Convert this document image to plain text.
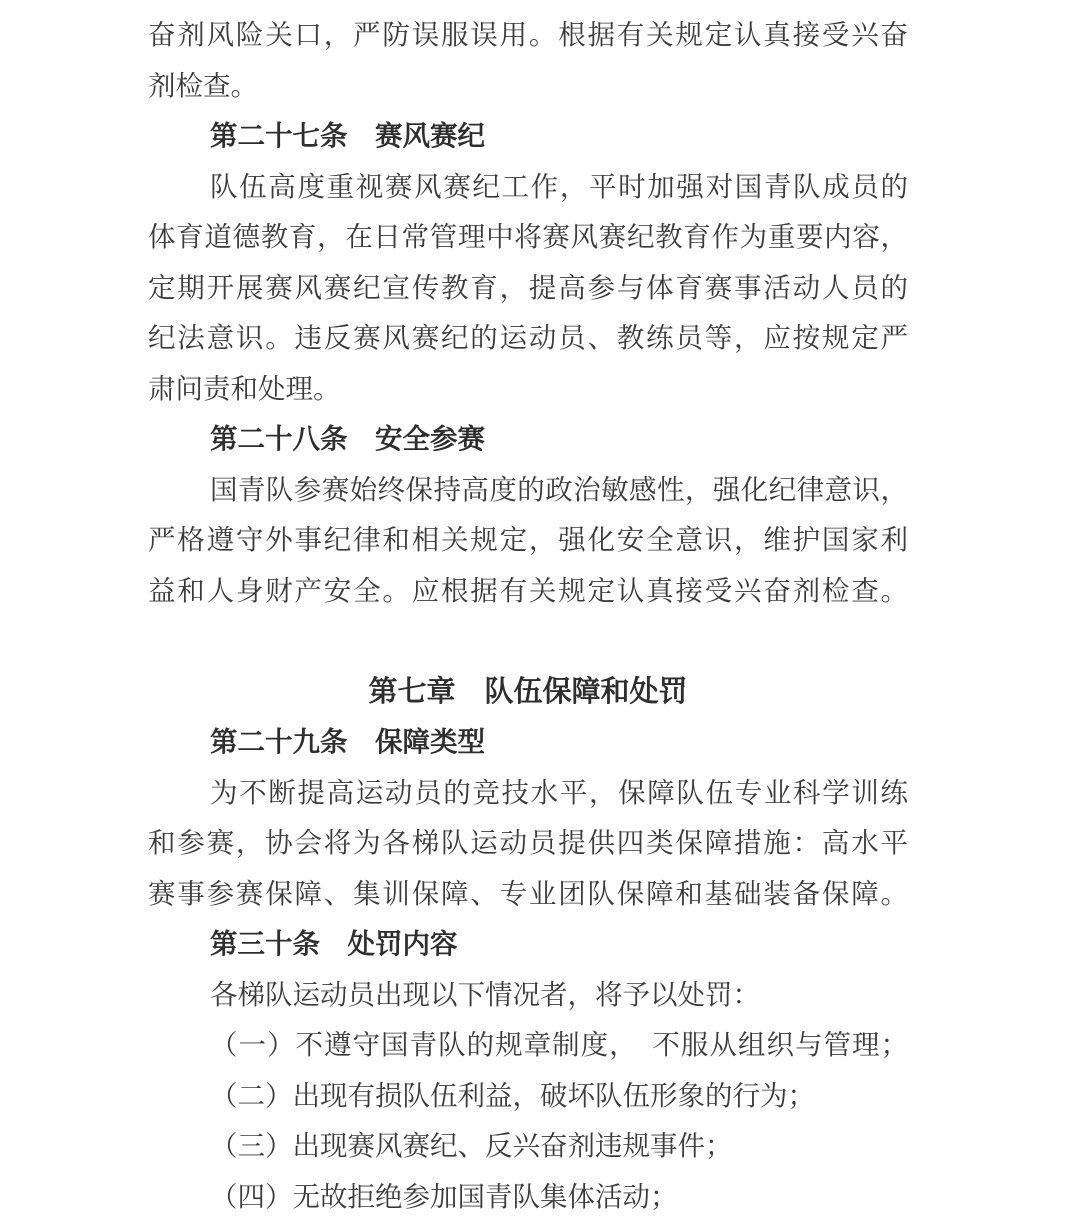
奋剂风险关口，严防误服误用。根据有关规定认真接受兴奋
剂检查。
第二十七条　赛风赛纪
队伍高度重视赛风赛纪工作，平时加强对国青队成员的
体育道德教育，在日常管理中将赛风赛纪教育作为重要内容，
定期开展赛风赛纪宣传教育，提高参与体育赛事活动人员的
纪法意识。违反赛风赛纪的运动员、教练员等，应按规定严
肃问责和处理。
第二十八条　安全参赛
国青队参赛始终保持高度的政治敏感性，强化纪律意识，
严格遵守外事纪律和相关规定，强化安全意识，维护国家利
益和人身财产安全。应根据有关规定认真接受兴奋剂检查。
第七章　队伍保障和处罚
第二十九条　保障类型
为不断提高运动员的竞技水平，保障队伍专业科学训练
和参赛，协会将为各梯队运动员提供四类保障措施：高水平
赛事参赛保障、集训保障、专业团队保障和基础装备保障。
第三十条　处罚内容
各梯队运动员出现以下情况者，将予以处罚：
（一）不遵守国青队的规章制度，　不服从组织与管理；
（二）出现有损队伍利益，破坏队伍形象的行为；
（三）出现赛风赛纪、反兴奋剂违规事件；
（四）无故拒绝参加国青队集体活动；
